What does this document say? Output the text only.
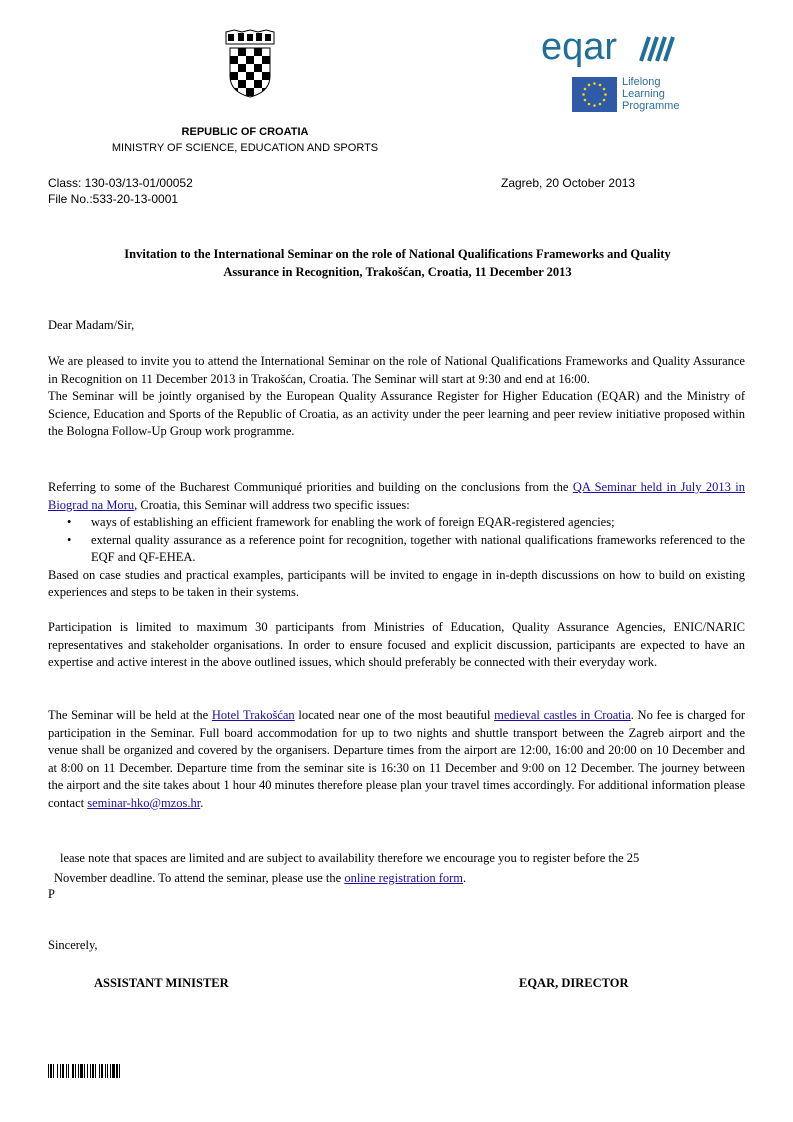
REPUBLIC OF CROATIA
MINISTRY OF SCIENCE, EDUCATION AND SPORTS
eqar
Lifelong
Learning
Programme
Class: 130-03/13-01/00052
File No.:533-20-13-0001
Zagreb, 20 October 2013
Invitation to the International Seminar on the role of National Qualifications Frameworks and Quality
Assurance in Recognition, Trakošćan, Croatia, 11 December 2013
Dear Madam/Sir,

We are pleased to invite you to attend the International Seminar on the role of National Qualifications Frameworks and Quality Assurance in Recognition on 11 December 2013 in Trakošćan, Croatia. The Seminar will start at 9:30 and end at 16:00.

The Seminar will be jointly organised by the European Quality Assurance Register for Higher Education (EQAR) and the Ministry of Science, Education and Sports of the Republic of Croatia, as an activity under the peer learning and peer review initiative proposed within the Bologna Follow-Up Group work programme.

Referring to some of the Bucharest Communiqué priorities and building on the conclusions from the QA Seminar held in July 2013 in Biograd na Moru, Croatia, this Seminar will address two specific issues:

• ways of establishing an efficient framework for enabling the work of foreign EQAR-registered agencies;
• external quality assurance as a reference point for recognition, together with national qualifications frameworks referenced to the EQF and QF-EHEA.

Based on case studies and practical examples, participants will be invited to engage in in-depth discussions on how to build on existing experiences and steps to be taken in their systems.

Participation is limited to maximum 30 participants from Ministries of Education, Quality Assurance Agencies, ENIC/NARIC representatives and stakeholder organisations. In order to ensure focused and explicit discussion, participants are expected to have an expertise and active interest in the above outlined issues, which should preferably be connected with their everyday work.
The Seminar will be held at the Hotel Trakošćan located near one of the most beautiful medieval castles in Croatia. No fee is charged for participation in the Seminar. Full board accommodation for up to two nights and shuttle transport between the Zagreb airport and the venue shall be organized and covered by the organisers. Departure times from the airport are 12:00, 16:00 and 20:00 on 10 December and at 8:00 on 11 December. Departure time from the seminar site is 16:30 on 11 December and 9:00 on 12 December. The journey between the airport and the site takes about 1 hour 40 minutes therefore please plan your travel times accordingly. For additional information please contact seminar-hko@mzos.hr.
lease note that spaces are limited and are subject to availability therefore we encourage you to register before the 25
November deadline. To attend the seminar, please use the online registration form.
P
Sincerely,
ASSISTANT MINISTER	EQAR, DIRECTOR
